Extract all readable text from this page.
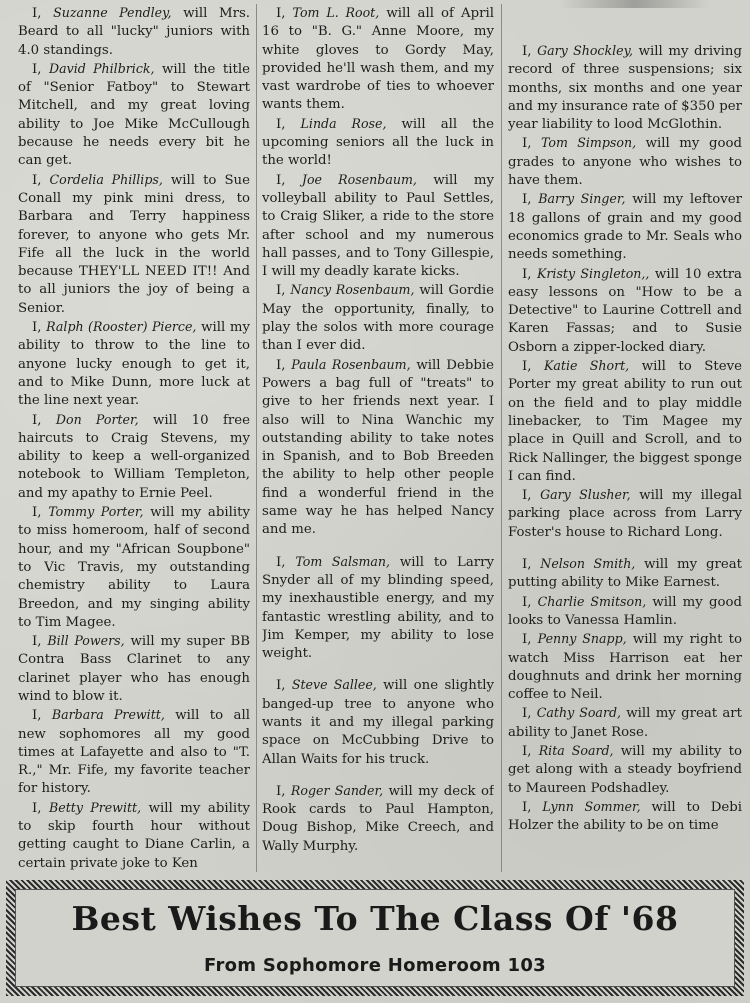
I, Suzanne Pendley, will Mrs. Beard to all "lucky" juniors with 4.0 standings.

I, David Philbrick, will the title of "Senior Fatboy" to Stewart Mitchell, and my great loving ability to Joe Mike McCullough because he needs every bit he can get.

I, Cordelia Phillips, will to Sue Conall my pink mini dress, to Barbara and Terry happiness forever, to anyone who gets Mr. Fife all the luck in the world because THEY'LL NEED IT!! And to all juniors the joy of being a Senior.

I, Ralph (Rooster) Pierce, will my ability to throw to the line to anyone lucky enough to get it, and to Mike Dunn, more luck at the line next year.

I, Don Porter, will 10 free haircuts to Craig Stevens, my ability to keep a well-organized notebook to William Templeton, and my apathy to Ernie Peel.

I, Tommy Porter, will my ability to miss homeroom, half of second hour, and my "African Soupbone" to Vic Travis, my outstanding chemistry ability to Laura Breedon, and my singing ability to Tim Magee.

I, Bill Powers, will my super BB Contra Bass Clarinet to any clarinet player who has enough wind to blow it.

I, Barbara Prewitt, will to all new sophomores all my good times at Lafayette and also to "T. R.," Mr. Fife, my favorite teacher for history.

I, Betty Prewitt, will my ability to skip fourth hour without getting caught to Diane Carlin, a certain private joke to Ken

I, Tom L. Root, will all of April 16 to "B. G." Anne Moore, my white gloves to Gordy May, provided he'll wash them, and my vast wardrobe of ties to whoever wants them.

I, Linda Rose, will all the upcoming seniors all the luck in the world!

I, Joe Rosenbaum, will my volleyball ability to Paul Settles, to Craig Sliker, a ride to the store after school and my numerous hall passes, and to Tony Gillespie, I will my deadly karate kicks.

I, Nancy Rosenbaum, will Gordie May the opportunity, finally, to play the solos with more courage than I ever did.

I, Paula Rosenbaum, will Debbie Powers a bag full of "treats" to give to her friends next year. I also will to Nina Wanchic my outstanding ability to take notes in Spanish, and to Bob Breeden the ability to help other people find a wonderful friend in the same way he has helped Nancy and me.

I, Tom Salsman, will to Larry Snyder all of my blinding speed, my inexhaustible energy, and my fantastic wrestling ability, and to Jim Kemper, my ability to lose weight.

I, Steve Sallee, will one slightly banged-up tree to anyone who wants it and my illegal parking space on McCubbing Drive to Allan Waits for his truck.

I, Roger Sander, will my deck of Rook cards to Paul Hampton, Doug Bishop, Mike Creech, and Wally Murphy.

I, Gary Shockley, will my driving record of three suspensions; six months, six months and one year and my insurance rate of $350 per year liability to lood McGlothin.

I, Tom Simpson, will my good grades to anyone who wishes to have them.

I, Barry Singer, will my leftover 18 gallons of grain and my good economics grade to Mr. Seals who needs something.

I, Kristy Singleton,, will 10 extra easy lessons on "How to be a Detective" to Laurine Cottrell and Karen Fassas; and to Susie Osborn a zipper-locked diary.

I, Katie Short, will to Steve Porter my great ability to run out on the field and to play middle linebacker, to Tim Magee my place in Quill and Scroll, and to Rick Nallinger, the biggest sponge I can find.

I, Gary Slusher, will my illegal parking place across from Larry Foster's house to Richard Long.

I, Nelson Smith, will my great putting ability to Mike Earnest.

I, Charlie Smitson, will my good looks to Vanessa Hamlin.

I, Penny Snapp, will my right to watch Miss Harrison eat her doughnuts and drink her morning coffee to Neil.

I, Cathy Soard, will my great art ability to Janet Rose.

I, Rita Soard, will my ability to get along with a steady boyfriend to Maureen Podshadley.

I, Lynn Sommer, will to Debi Holzer the ability to be on time

Best Wishes To The Class Of '68
From Sophomore Homeroom 103
